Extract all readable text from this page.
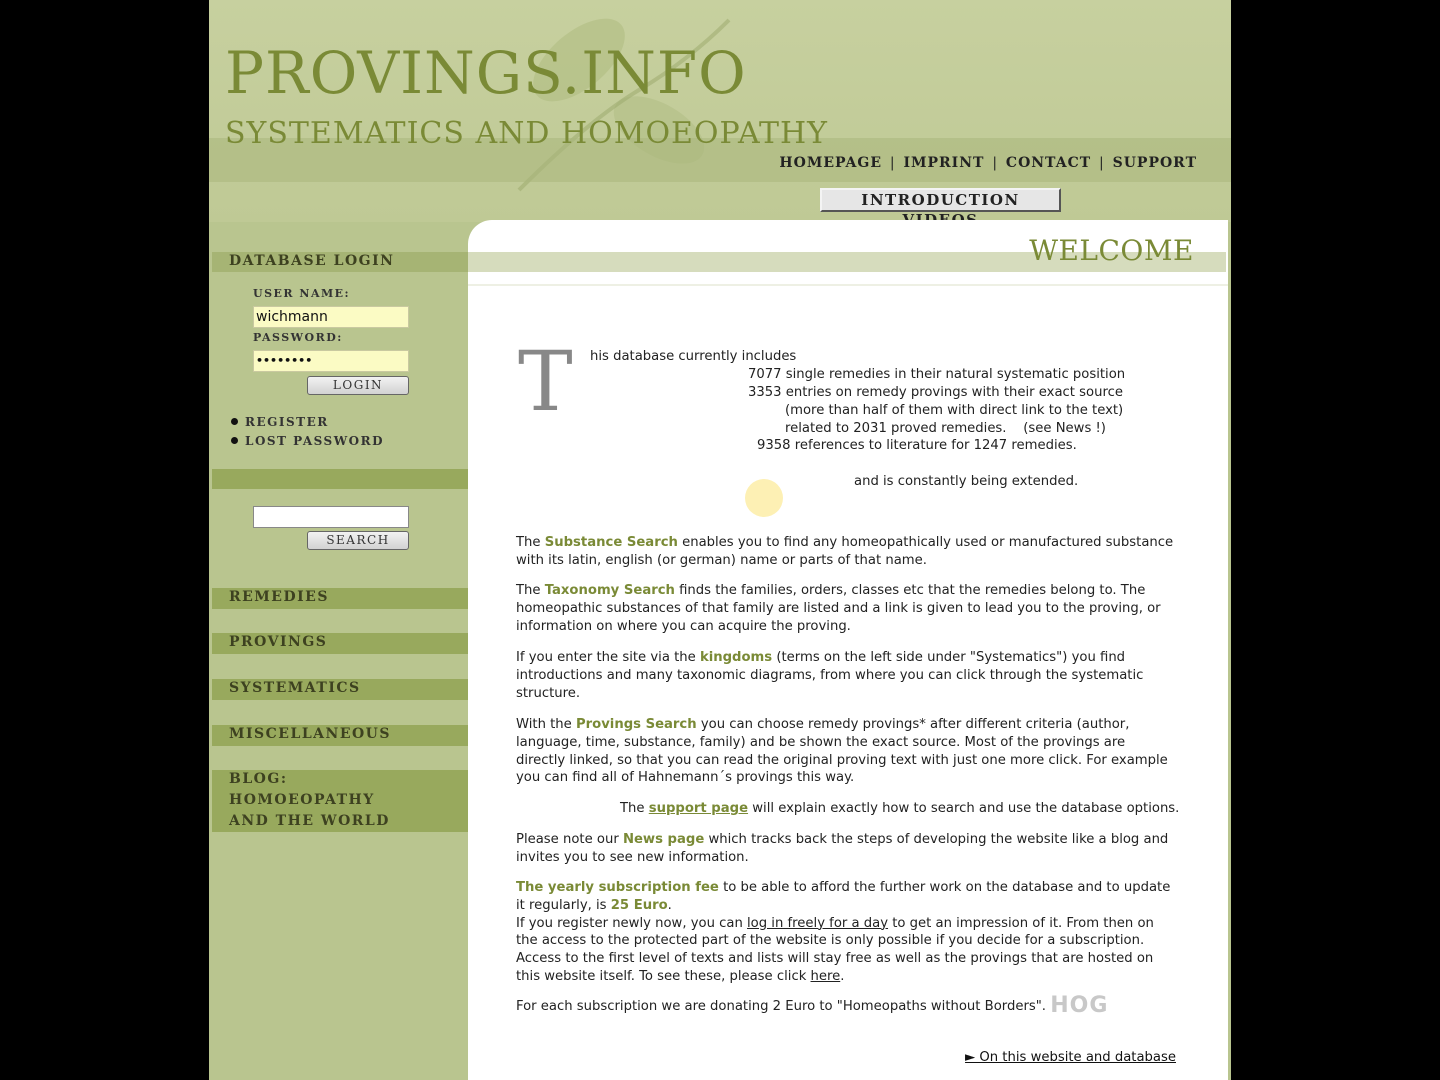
PROVINGS.INFO
SYSTEMATICS AND HOMOEOPATHY
HOMEPAGE | IMPRINT | CONTACT | SUPPORT
INTRODUCTION
DATABASE LOGIN
USER NAME:
wichmann
PASSWORD:
••••••••
LOGIN
REGISTER
LOST PASSWORD
SEARCH
REMEDIES
PROVINGS
SYSTEMATICS
MISCELLANEOUS
BLOG:
HOMOEOPATHY
AND THE WORLD
WELCOME
T his database currently includes
7077 single remedies in their natural systematic position
3353 entries on remedy provings with their exact source
(more than half of them with direct link to the text)
related to 2031 proved remedies.    (see News !)
9358 references to literature for 1247 remedies.
and is constantly being extended.
The Substance Search enables you to find any homeopathically used or manufactured substance with its latin, english (or german) name or parts of that name.
The Taxonomy Search finds the families, orders, classes etc that the remedies belong to. The homeopathic substances of that family are listed and a link is given to lead you to the proving, or information on where you can acquire the proving.
If you enter the site via the kingdoms (terms on the left side under "Systematics") you find introductions and many taxonomic diagrams, from where you can click through the systematic structure.
With the Provings Search you can choose remedy provings* after different criteria (author, language, time, substance, family) and be shown the exact source. Most of the provings are directly linked, so that you can read the original proving text with just one more click. For example you can find all of Hahnemann´s provings this way.
The support page will explain exactly how to search and use the database options.
Please note our News page which tracks back the steps of developing the website like a blog and invites you to see new information.
The yearly subscription fee to be able to afford the further work on the database and to update it regularly, is 25 Euro.
If you register newly now, you can log in freely for a day to get an impression of it. From then on the access to the protected part of the website is only possible if you decide for a subscription. Access to the first level of texts and lists will stay free as well as the provings that are hosted on this website itself. To see these, please click here.
For each subscription we are donating 2 Euro to "Homeopaths without Borders". HOG
► On this website and database
